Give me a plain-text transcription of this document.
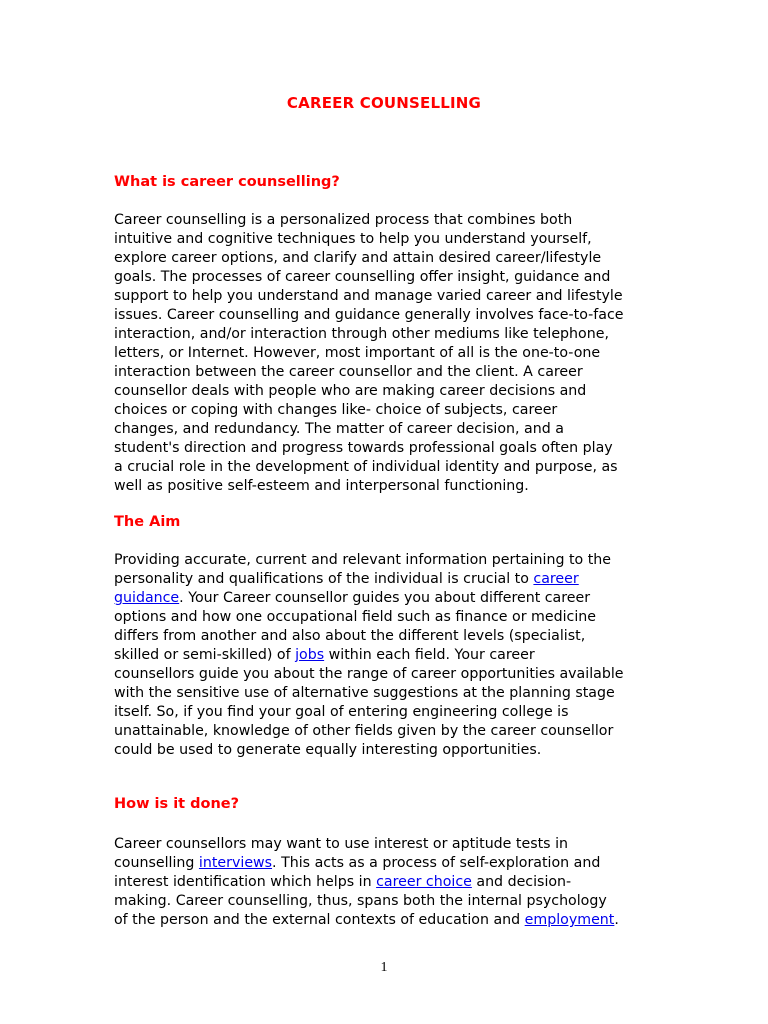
CAREER COUNSELLING
What is career counselling?
Career counselling is a personalized process that combines both
intuitive and cognitive techniques to help you understand yourself,
explore career options, and clarify and attain desired career/lifestyle
goals. The processes of career counselling offer insight, guidance and
support to help you understand and manage varied career and lifestyle
issues. Career counselling and guidance generally involves face-to-face
interaction, and/or interaction through other mediums like telephone,
letters, or Internet. However, most important of all is the one-to-one
interaction between the career counsellor and the client. A career
counsellor deals with people who are making career decisions and
choices or coping with changes like- choice of subjects, career
changes, and redundancy. The matter of career decision, and a
student's direction and progress towards professional goals often play
a crucial role in the development of individual identity and purpose, as
well as positive self-esteem and interpersonal functioning.
The Aim
Providing accurate, current and relevant information pertaining to the
personality and qualifications of the individual is crucial to career
guidance. Your Career counsellor guides you about different career
options and how one occupational field such as finance or medicine
differs from another and also about the different levels (specialist,
skilled or semi-skilled) of jobs within each field. Your career
counsellors guide you about the range of career opportunities available
with the sensitive use of alternative suggestions at the planning stage
itself. So, if you find your goal of entering engineering college is
unattainable, knowledge of other fields given by the career counsellor
could be used to generate equally interesting opportunities.
How is it done?
Career counsellors may want to use interest or aptitude tests in
counselling interviews. This acts as a process of self-exploration and
interest identification which helps in career choice and decision-
making. Career counselling, thus, spans both the internal psychology
of the person and the external contexts of education and employment.
1
